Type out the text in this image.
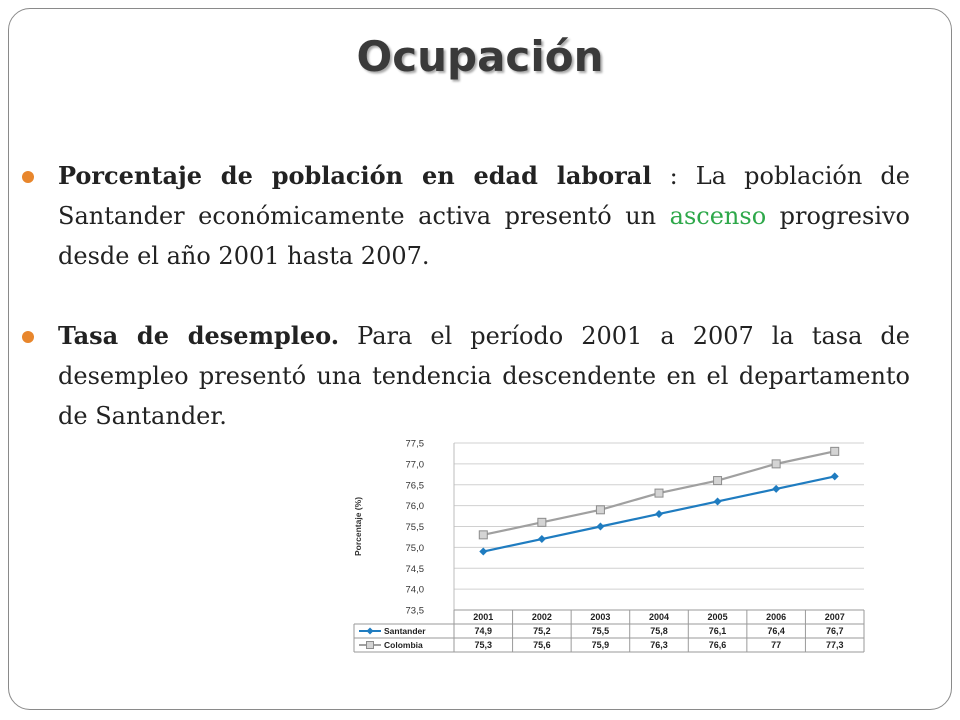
Ocupación
Porcentaje de población en edad laboral : La población de Santander económicamente activa presentó un ascenso progresivo desde el año 2001 hasta 2007.
Tasa de desempleo. Para el período 2001 a 2007 la tasa de desempleo presentó una tendencia descendente en el departamento de Santander.
77,5
77,0
76,5
76,0
75,5
75,0
74,5
74,0
73,5
Porcentaje (%)
2001	2002	2003	2004	2005	2006	2007
Santander	74,9	75,2	75,5	75,8	76,1	76,4	76,7
Colombia	75,3	75,6	75,9	76,3	76,6	77	77,3
